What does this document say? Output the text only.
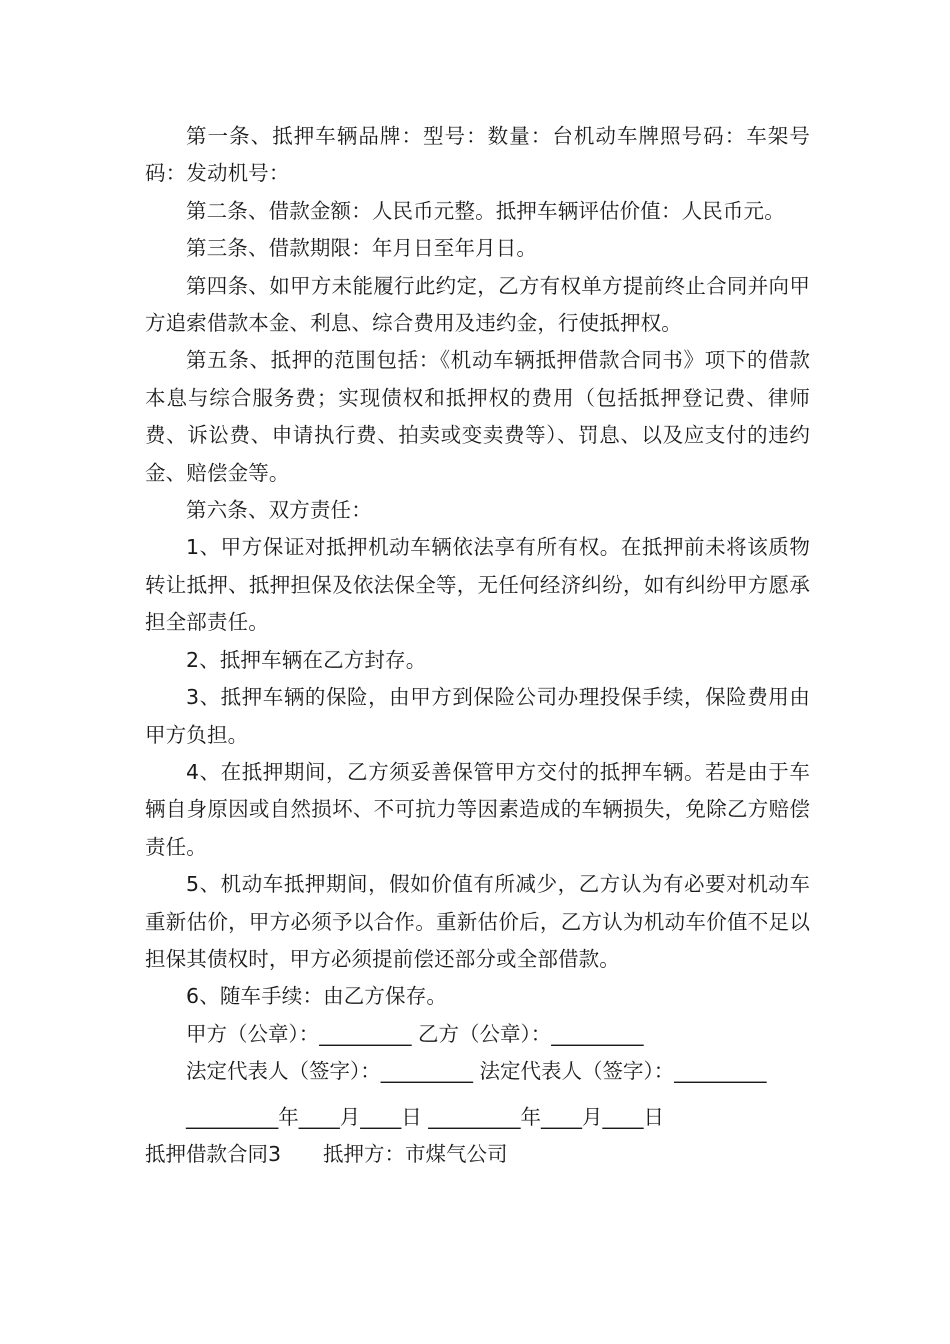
第一条、抵押车辆品牌：型号：数量：台机动车牌照号码：车架号码：发动机号：

第二条、借款金额：人民币元整。抵押车辆评估价值：人民币元。

第三条、借款期限：年月日至年月日。

第四条、如甲方未能履行此约定，乙方有权单方提前终止合同并向甲方追索借款本金、利息、综合费用及违约金，行使抵押权。

第五条、抵押的范围包括：《机动车辆抵押借款合同书》项下的借款本息与综合服务费；实现债权和抵押权的费用（包括抵押登记费、律师费、诉讼费、申请执行费、拍卖或变卖费等）、罚息、以及应支付的违约金、赔偿金等。

第六条、双方责任：

1、甲方保证对抵押机动车辆依法享有所有权。在抵押前未将该质物转让抵押、抵押担保及依法保全等，无任何经济纠纷，如有纠纷甲方愿承担全部责任。

2、抵押车辆在乙方封存。

3、抵押车辆的保险，由甲方到保险公司办理投保手续，保险费用由甲方负担。

4、在抵押期间，乙方须妥善保管甲方交付的抵押车辆。若是由于车辆自身原因或自然损坏、不可抗力等因素造成的车辆损失，免除乙方赔偿责任。

5、机动车抵押期间，假如价值有所减少，乙方认为有必要对机动车重新估价，甲方必须予以合作。重新估价后，乙方认为机动车价值不足以担保其债权时，甲方必须提前偿还部分或全部借款。

6、随车手续：由乙方保存。

甲方（公章）：_________ 乙方（公章）：_________

法定代表人（签字）：_________ 法定代表人（签字）：_________

_________年____月____日 _________年____月____日

抵押借款合同3 抵押方：市煤气公司
